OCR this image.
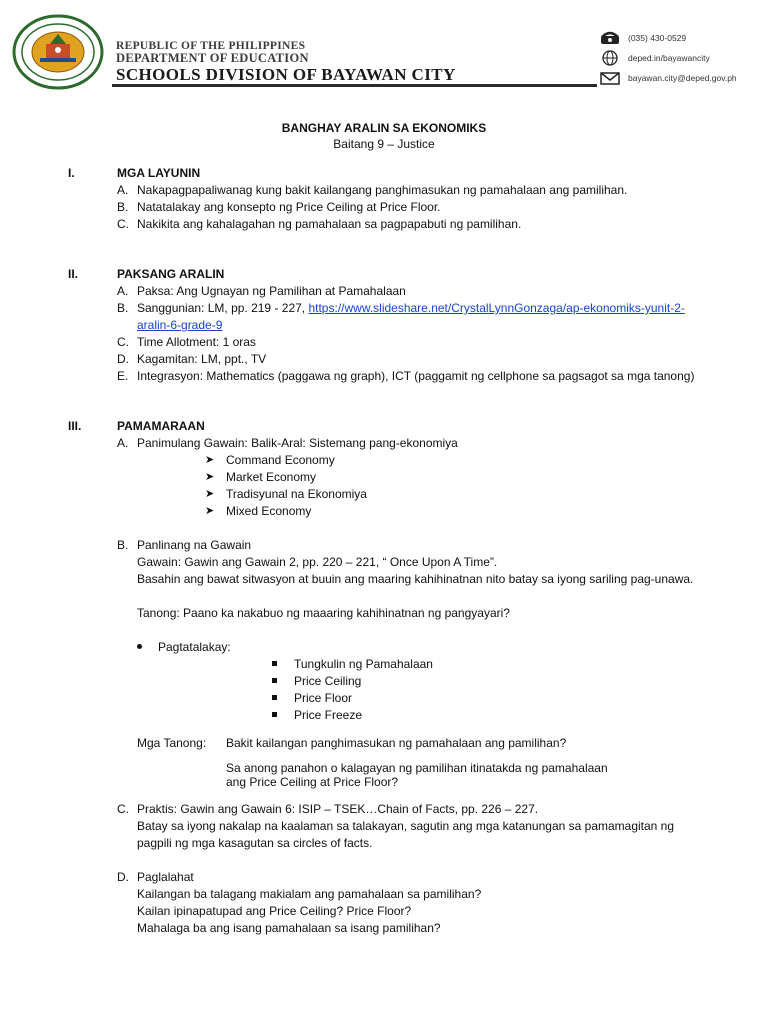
REPUBLIC OF THE PHILIPPINES
DEPARTMENT OF EDUCATION
SCHOOLS DIVISION OF BAYAWAN CITY
(035) 430-0529
deped.in/bayawancity
bayawan.city@deped.gov.ph
BANGHAY ARALIN SA EKONOMIKS
Baitang 9 – Justice
I.	MGA LAYUNIN
A. Nakapagpapaliwanag kung bakit kailangang panghimasukan ng pamahalaan ang pamilihan.
B. Natatalakay ang konsepto ng Price Ceiling at Price Floor.
C. Nakikita ang kahalagahan ng pamahalaan sa pagpapabuti ng pamilihan.
II.	PAKSANG ARALIN
A. Paksa: Ang Ugnayan ng Pamilihan at Pamahalaan
B. Sanggunian: LM, pp. 219 - 227, https://www.slideshare.net/CrystalLynnGonzaga/ap-ekonomiks-yunit-2-
aralin-6-grade-9
C. Time Allotment: 1 oras
D. Kagamitan: LM, ppt., TV
E. Integrasyon: Mathematics (paggawa ng graph), ICT (paggamit ng cellphone sa pagsagot sa mga tanong)
III.	PAMAMARAAN
A. Panimulang Gawain: Balik-Aral: Sistemang pang-ekonomiya
➤ Command Economy
➤ Market Economy
➤ Tradisyunal na Ekonomiya
➤ Mixed Economy
B. Panlinang na Gawain
Gawain: Gawin ang Gawain 2, pp. 220 – 221, “ Once Upon A Time”.
Basahin ang bawat sitwasyon at buuin ang maaring kahihinatnan nito batay sa iyong sariling pag-unawa.
Tanong: Paano ka nakabuo ng maaaring kahihinatnan ng pangyayari?
Pagtatalakay:
Tungkulin ng Pamahalaan
Price Ceiling
Price Floor
Price Freeze
Mga Tanong: Bakit kailangan panghimasukan ng pamahalaan ang pamilihan?
Sa anong panahon o kalagayan ng pamilihan itinatakda ng pamahalaan
ang Price Ceiling at Price Floor?
C. Praktis: Gawin ang Gawain 6: ISIP – TSEK…Chain of Facts, pp. 226 – 227.
Batay sa iyong nakalap na kaalaman sa talakayan, sagutin ang mga katanungan sa pamamagitan ng
pagpili ng mga kasagutan sa circles of facts.
D. Paglalahat
Kailangan ba talagang makialam ang pamahalaan sa pamilihan?
Kailan ipinapatupad ang Price Ceiling? Price Floor?
Mahalaga ba ang isang pamahalaan sa isang pamilihan?
